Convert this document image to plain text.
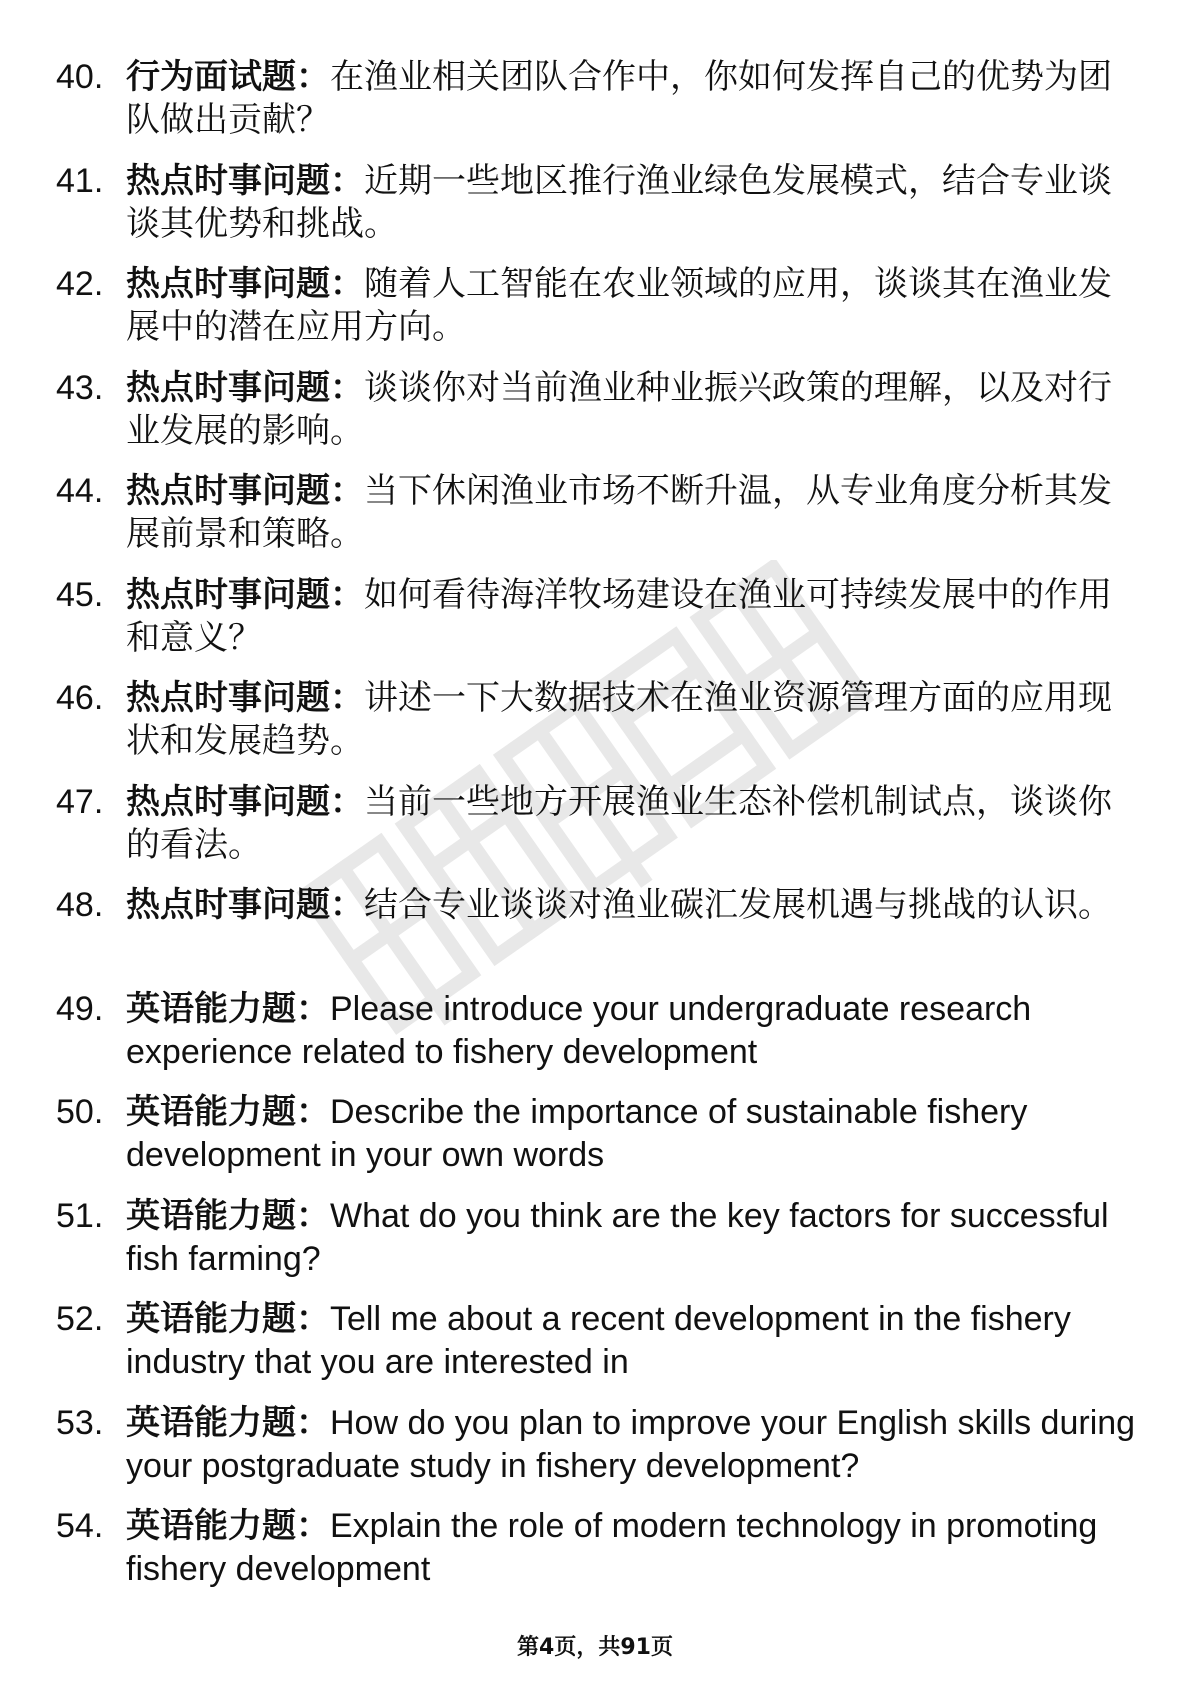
40. 行为面试题：在渔业相关团队合作中，你如何发挥自己的优势为团队做出贡献？
41. 热点时事问题：近期一些地区推行渔业绿色发展模式，结合专业谈谈其优势和挑战。
42. 热点时事问题：随着人工智能在农业领域的应用，谈谈其在渔业发展中的潜在应用方向。
43. 热点时事问题：谈谈你对当前渔业种业振兴政策的理解，以及对行业发展的影响。
44. 热点时事问题：当下休闲渔业市场不断升温，从专业角度分析其发展前景和策略。
45. 热点时事问题：如何看待海洋牧场建设在渔业可持续发展中的作用和意义？
46. 热点时事问题：讲述一下大数据技术在渔业资源管理方面的应用现状和发展趋势。
47. 热点时事问题：当前一些地方开展渔业生态补偿机制试点，谈谈你的看法。
48. 热点时事问题：结合专业谈谈对渔业碳汇发展机遇与挑战的认识。
49. 英语能力题：Please introduce your undergraduate research experience related to fishery development
50. 英语能力题：Describe the importance of sustainable fishery development in your own words
51. 英语能力题：What do you think are the key factors for successful fish farming?
52. 英语能力题：Tell me about a recent development in the fishery industry that you are interested in
53. 英语能力题：How do you plan to improve your English skills during your postgraduate study in fishery development?
54. 英语能力题：Explain the role of modern technology in promoting fishery development
第4页，共91页
